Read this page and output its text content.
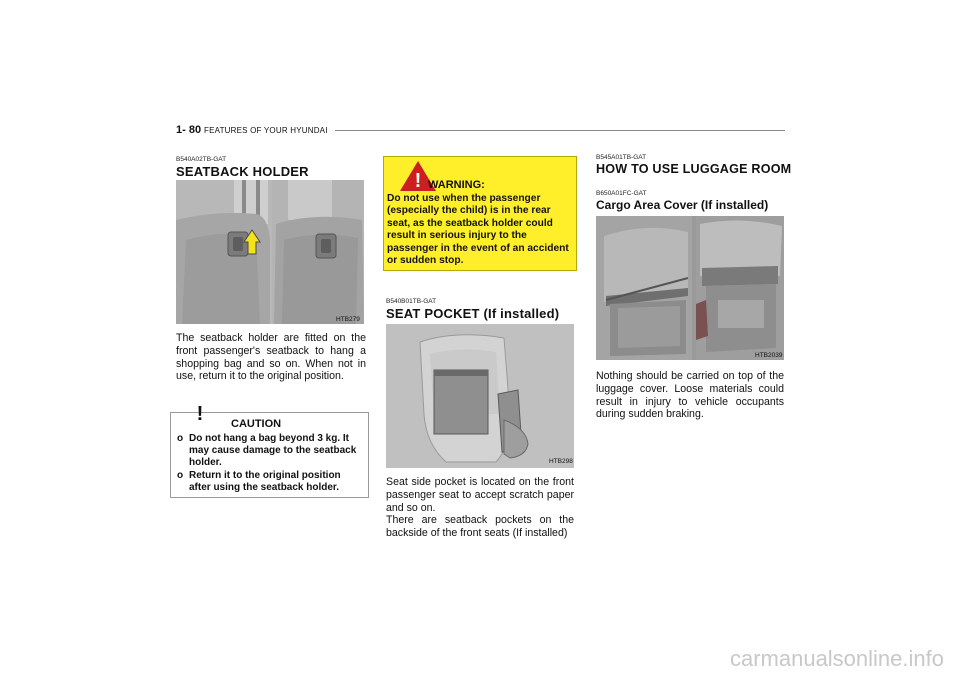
1- 80 FEATURES OF YOUR HYUNDAI
B540A02TB-GAT
SEATBACK HOLDER
HTB279
The seatback holder are fitted on the front passenger's seatback to hang a shopping bag and so on. When not in use, return it to the original position.
!	CAUTION
o Do not hang a bag beyond 3 kg. It may cause damage to the seatback holder.
o Return it to the original position after using the seatback holder.
! WARNING:
Do not use when the passenger (especially the child) is in the rear seat, as the seatback holder could result in serious injury to the passenger in the event of an accident or sudden stop.
B540B01TB-GAT
SEAT POCKET (If installed)
HTB298
Seat side pocket is located on the front passenger seat to accept scratch paper and so on.
There are seatback pockets on the backside of the front seats (If installed)
B545A01TB-GAT
HOW TO USE LUGGAGE ROOM
B650A01FC-GAT
Cargo Area Cover (If installed)
HTB2039
Nothing should be carried on top of the luggage cover. Loose materials could result in injury to vehicle occupants during sudden braking.
carmanualsonline.info
